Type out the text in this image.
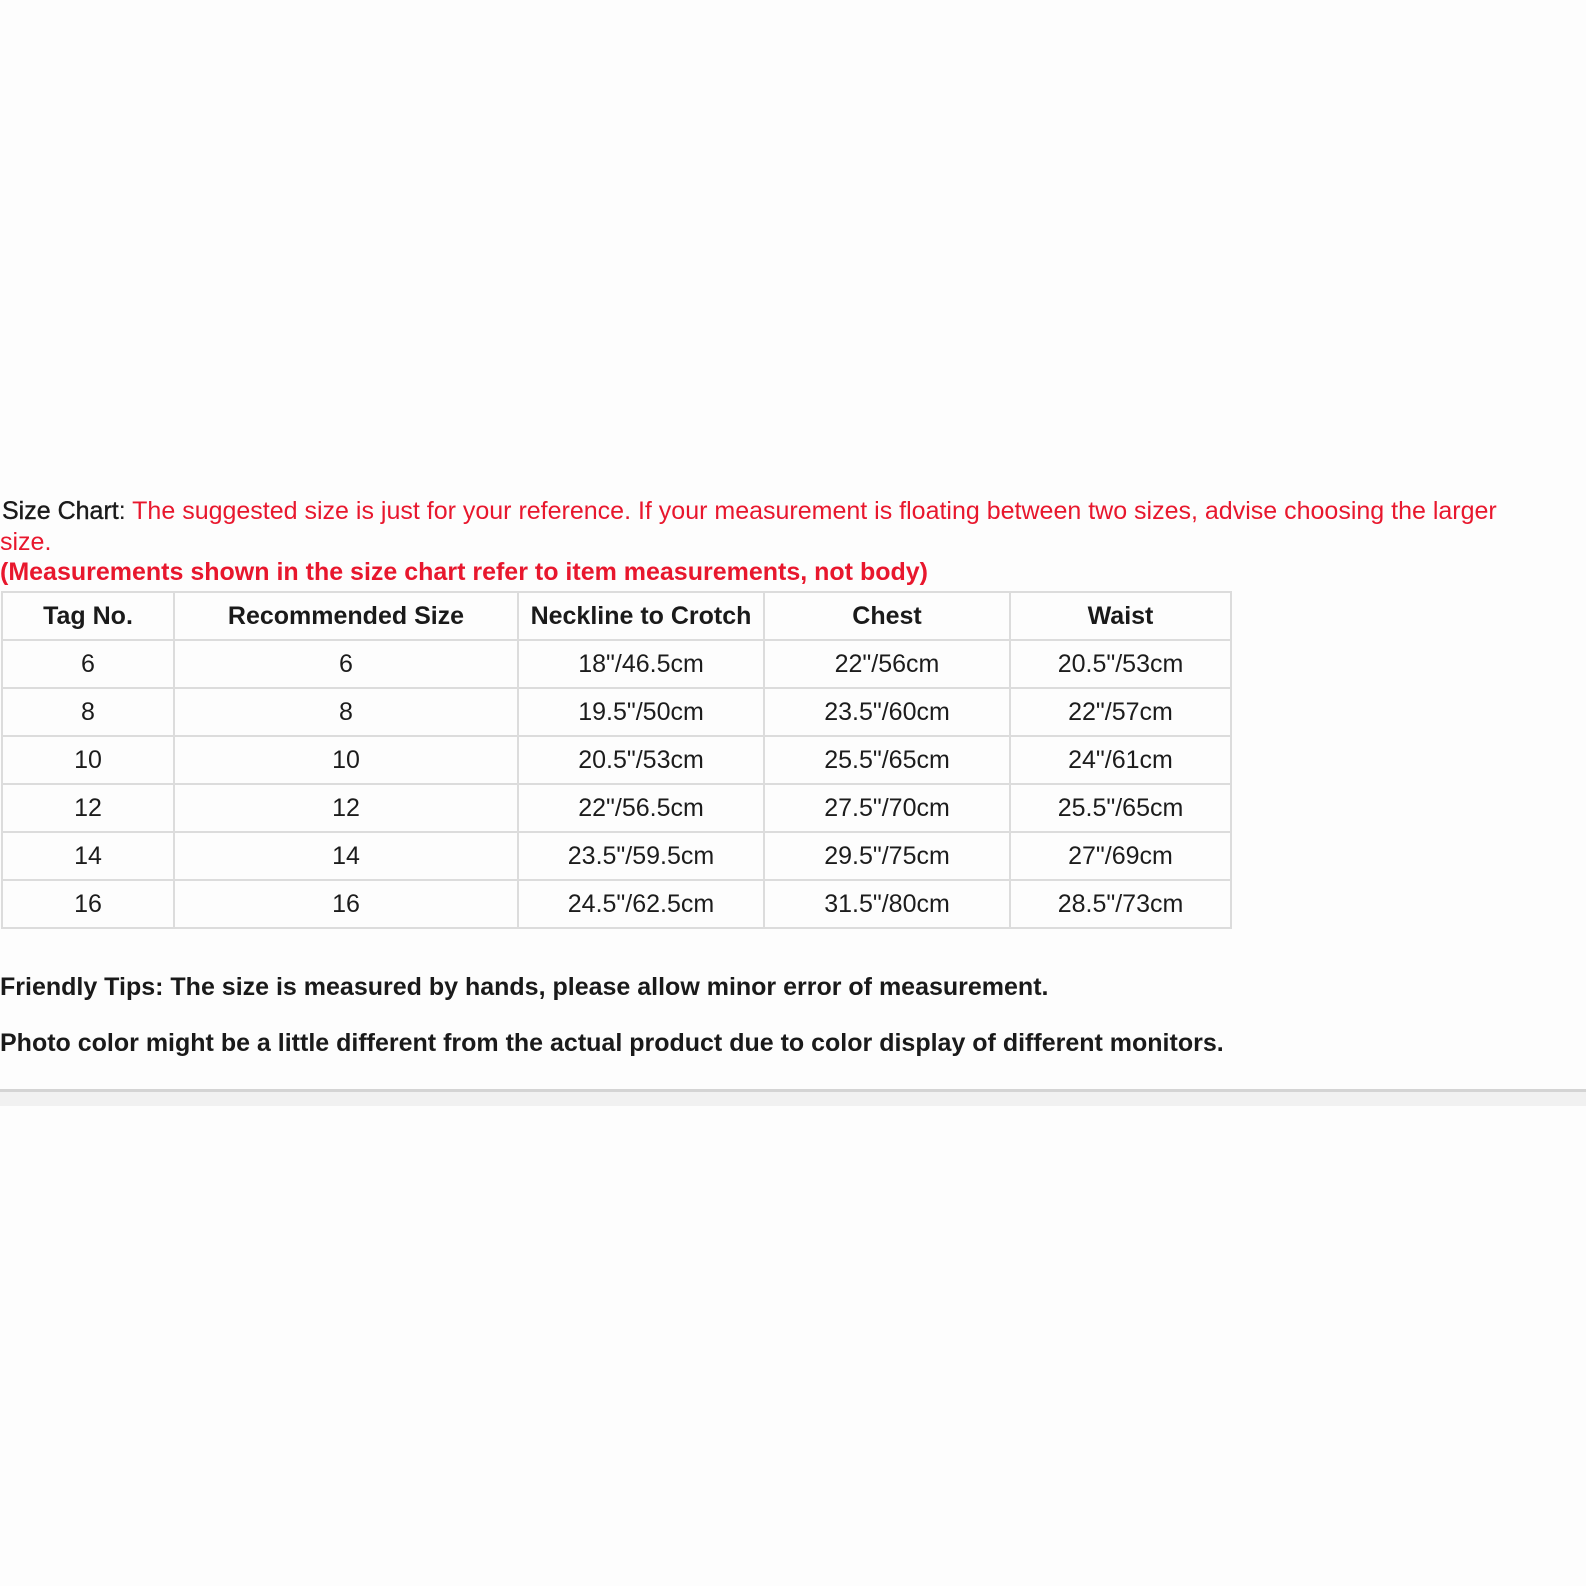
Size Chart: The suggested size is just for your reference. If your measurement is floating between two sizes, advise choosing the larger

size.

(Measurements shown in the size chart refer to item measurements, not body)

Tag No.	Recommended Size	Neckline to Crotch	Chest	Waist
6	6	18"/46.5cm	22"/56cm	20.5"/53cm
8	8	19.5"/50cm	23.5"/60cm	22"/57cm
10	10	20.5"/53cm	25.5"/65cm	24"/61cm
12	12	22"/56.5cm	27.5"/70cm	25.5"/65cm
14	14	23.5"/59.5cm	29.5"/75cm	27"/69cm
16	16	24.5"/62.5cm	31.5"/80cm	28.5"/73cm

Friendly Tips: The size is measured by hands, please allow minor error of measurement.

Photo color might be a little different from the actual product due to color display of different monitors.
